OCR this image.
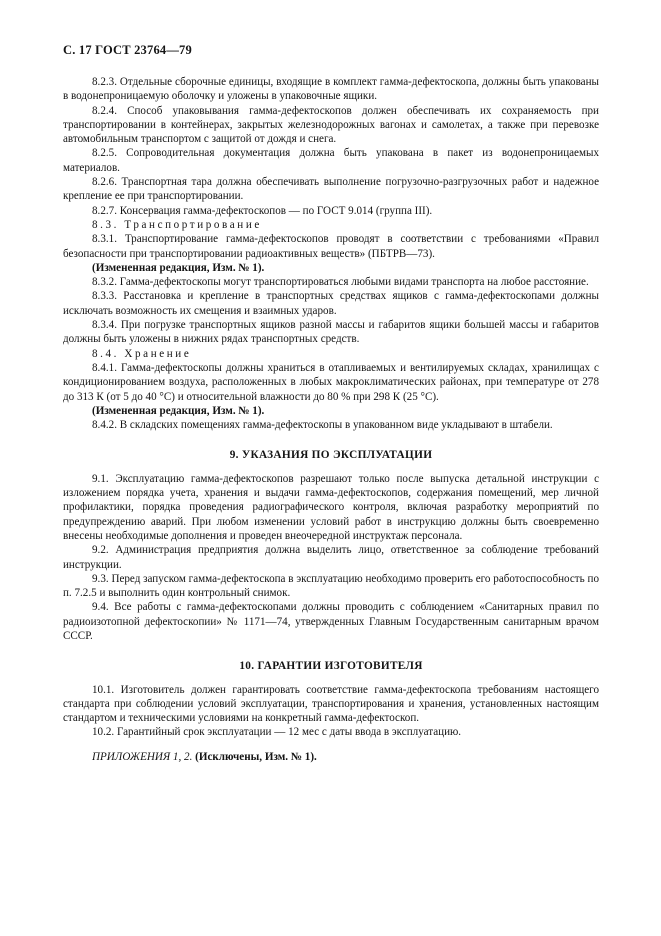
С. 17 ГОСТ 23764—79

8.2.3. Отдельные сборочные единицы, входящие в комплект гамма-дефектоскопа, должны быть упакованы в водонепроницаемую оболочку и уложены в упаковочные ящики.

8.2.4. Способ упаковывания гамма-дефектоскопов должен обеспечивать их сохраняемость при транспортировании в контейнерах, закрытых железнодорожных вагонах и самолетах, а также при перевозке автомобильным транспортом с защитой от дождя и снега.

8.2.5. Сопроводительная документация должна быть упакована в пакет из водонепроницаемых материалов.

8.2.6. Транспортная тара должна обеспечивать выполнение погрузочно-разгрузочных работ и надежное крепление ее при транспортировании.

8.2.7. Консервация гамма-дефектоскопов — по ГОСТ 9.014 (группа III).

8.3. Транспортирование

8.3.1. Транспортирование гамма-дефектоскопов проводят в соответствии с требованиями «Правил безопасности при транспортировании радиоактивных веществ» (ПБТРВ—73).

(Измененная редакция, Изм. № 1).

8.3.2. Гамма-дефектоскопы могут транспортироваться любыми видами транспорта на любое расстояние.

8.3.3. Расстановка и крепление в транспортных средствах ящиков с гамма-дефектоскопами должны исключать возможность их смещения и взаимных ударов.

8.3.4. При погрузке транспортных ящиков разной массы и габаритов ящики большей массы и габаритов должны быть уложены в нижних рядах транспортных средств.

8.4. Хранение

8.4.1. Гамма-дефектоскопы должны храниться в отапливаемых и вентилируемых складах, хранилищах с кондиционированием воздуха, расположенных в любых макроклиматических районах, при температуре от 278 до 313 К (от 5 до 40 °С) и относительной влажности до 80 % при 298 К (25 °С).

(Измененная редакция, Изм. № 1).

8.4.2. В складских помещениях гамма-дефектоскопы в упакованном виде укладывают в штабели.

9. УКАЗАНИЯ ПО ЭКСПЛУАТАЦИИ

9.1. Эксплуатацию гамма-дефектоскопов разрешают только после выпуска детальной инструкции с изложением порядка учета, хранения и выдачи гамма-дефектоскопов, содержания помещений, мер личной профилактики, порядка проведения радиографического контроля, включая разработку мероприятий по предупреждению аварий. При любом изменении условий работ в инструкцию должны быть своевременно внесены необходимые дополнения и проведен внеочередной инструктаж персонала.

9.2. Администрация предприятия должна выделить лицо, ответственное за соблюдение требований инструкции.

9.3. Перед запуском гамма-дефектоскопа в эксплуатацию необходимо проверить его работоспособность по п. 7.2.5 и выполнить один контрольный снимок.

9.4. Все работы с гамма-дефектоскопами должны проводить с соблюдением «Санитарных правил по радиоизотопной дефектоскопии» № 1171—74, утвержденных Главным Государственным санитарным врачом СССР.

10. ГАРАНТИИ ИЗГОТОВИТЕЛЯ

10.1. Изготовитель должен гарантировать соответствие гамма-дефектоскопа требованиям настоящего стандарта при соблюдении условий эксплуатации, транспортирования и хранения, установленных настоящим стандартом и техническими условиями на конкретный гамма-дефектоскоп.

10.2. Гарантийный срок эксплуатации — 12 мес с даты ввода в эксплуатацию.

ПРИЛОЖЕНИЯ 1, 2. (Исключены, Изм. № 1).
